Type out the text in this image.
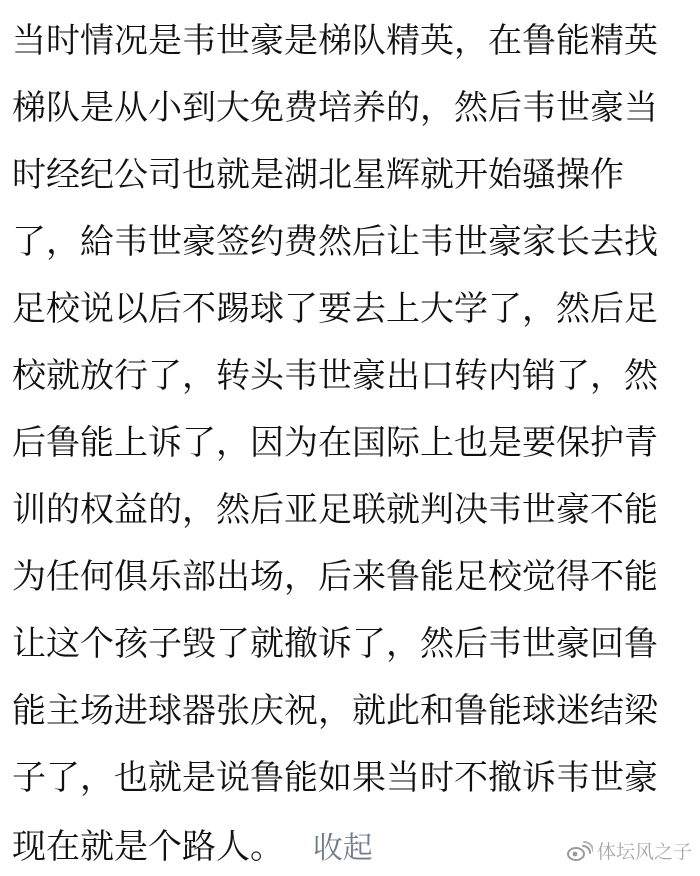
当时情况是韦世豪是梯队精英，在鲁能精英
梯队是从小到大免费培养的，然后韦世豪当
时经纪公司也就是湖北星辉就开始骚操作
了，給韦世豪签约费然后让韦世豪家长去找
足校说以后不踢球了要去上大学了，然后足
校就放行了，转头韦世豪出口转内销了，然
后鲁能上诉了，因为在国际上也是要保护青
训的权益的，然后亚足联就判决韦世豪不能
为任何俱乐部出场，后来鲁能足校觉得不能
让这个孩子毁了就撤诉了，然后韦世豪回鲁
能主场进球器张庆祝，就此和鲁能球迷结梁
子了，也就是说鲁能如果当时不撤诉韦世豪
现在就是个路人。 收起	体坛风之子
